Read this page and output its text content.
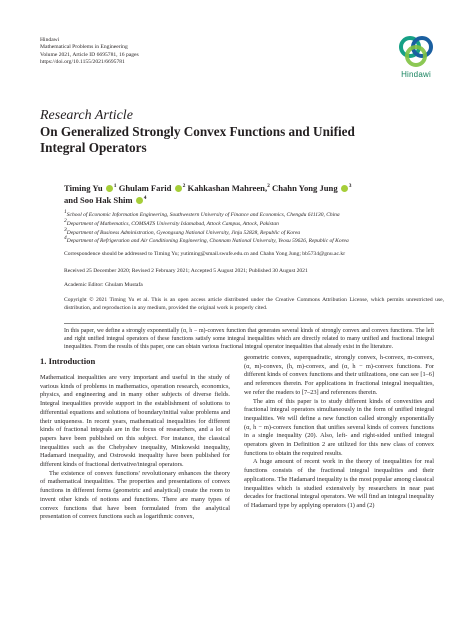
Hindawi
Mathematical Problems in Engineering
Volume 2021, Article ID 6695781, 16 pages
https://doi.org/10.1155/2021/6695781
Hindawi
Research Article
On Generalized Strongly Convex Functions and Unified
Integral Operators
Timing Yu $^1$ Ghulam Farid $^2$ Kahkashan Mahreen,$^2$ Chahn Yong Jung $^3$
and Soo Hak Shim $^4$
$^1$School of Economic Information Engineering, Southwestern University of Finance and Economics, Chengdu 611130, China
$^2$Department of Mathematics, COMSATS University Islamabad, Attock Campus, Attock, Pakistan
$^3$Department of Business Administration, Gyeongsang National University, Jinju 52828, Republic of Korea
$^4$Department of Refrigeration and Air Conditioning Engineering, Chonnam National University, Yeosu 59626, Republic of Korea
Correspondence should be addressed to Timing Yu; yutiming@smail.swufe.edu.cn and Chahn Yong Jung; bb5734@gnu.ac.kr
Received 25 December 2020; Revised 2 February 2021; Accepted 5 August 2021; Published 30 August 2021
Academic Editor: Ghulam Mustafa
Copyright © 2021 Timing Yu et al. This is an open access article distributed under the Creative Commons Attribution License, which permits unrestricted use, distribution, and reproduction in any medium, provided the original work is properly cited.
In this paper, we define a strongly exponentially (α, h − m)-convex function that generates several kinds of strongly convex and convex functions. The left and right unified integral operators of these functions satisfy some integral inequalities which are directly related to many unified and fractional integral inequalities. From the results of this paper, one can obtain various fractional integral operator inequalities that already exist in the literature.
1. Introduction

Mathematical inequalities are very important and useful in the study of various kinds of problems in mathematics, operation research, economics, physics, and engineering and in many other subjects of diverse fields. Integral inequalities provide support in the establishment of solutions to differential equations and solutions of boundary/initial value problems and their uniqueness. In recent years, mathematical inequalities for different kinds of fractional integrals are in the focus of researchers, and a lot of papers have been published on this subject. For instance, the classical inequalities such as the Chebyshev inequality, Minkowski inequality, Hadamard inequality, and Ostrowski inequality have been published for different kinds of fractional derivative/integral operators.

The existence of convex functions' revolutionary enhances the theory of mathematical inequalities. The properties and presentations of convex functions in different forms (geometric and analytical) create the room to invent other kinds of notions and functions. There are many types of convex functions that have been formulated from the analytical presentation of convex functions such as logarithmic convex,

geometric convex, superquadratic, strongly convex, h-convex, m-convex, (α, m)-convex, (h, m)-convex, and (α, h − m)-convex functions. For different kinds of convex functions and their utilizations, one can see [1–6] and references therein. For applications in fractional integral inequalities, we refer the readers to [7–23] and references therein.

The aim of this paper is to study different kinds of convexities and fractional integral operators simultaneously in the form of unified integral inequalities. We will define a new function called strongly exponentially (α, h − m)-convex function that unifies several kinds of convex functions in a single inequality (20). Also, left- and right-sided unified integral operators given in Definition 2 are utilized for this new class of convex functions to obtain the required results.

A huge amount of recent work in the theory of inequalities for real functions consists of the fractional integral inequalities and their applications. The Hadamard inequality is the most popular among classical inequalities which is studied extensively by researchers in near past decades for fractional integral operators. We will find an integral inequality of Hadamard type by applying operators (1) and (2)
